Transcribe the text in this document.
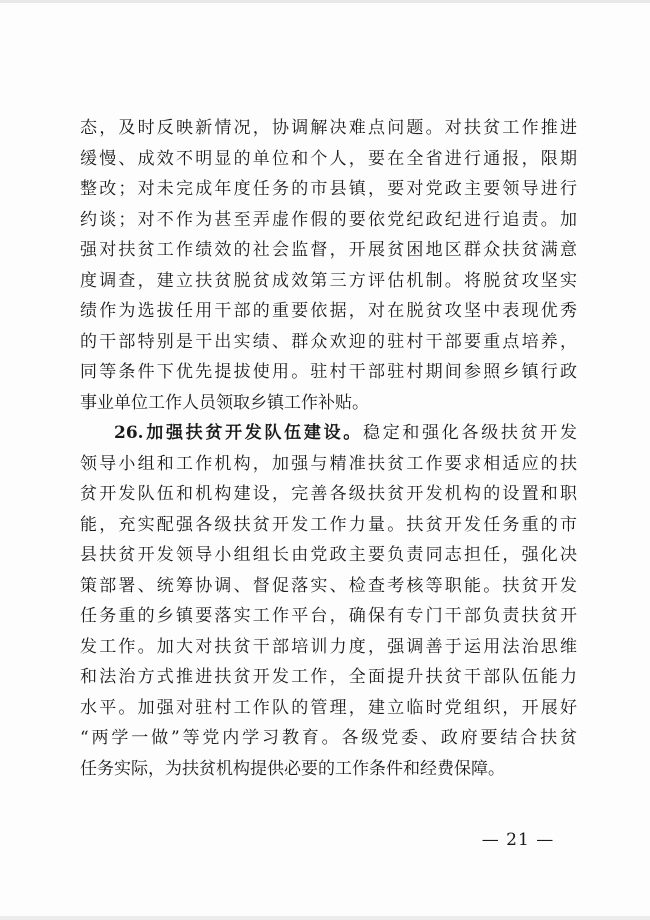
态，及时反映新情况，协调解决难点问题。对扶贫工作推进
缓慢、成效不明显的单位和个人，要在全省进行通报，限期
整改；对未完成年度任务的市县镇，要对党政主要领导进行
约谈；对不作为甚至弄虚作假的要依党纪政纪进行追责。加
强对扶贫工作绩效的社会监督，开展贫困地区群众扶贫满意
度调查，建立扶贫脱贫成效第三方评估机制。将脱贫攻坚实
绩作为选拔任用干部的重要依据，对在脱贫攻坚中表现优秀
的干部特别是干出实绩、群众欢迎的驻村干部要重点培养，
同等条件下优先提拔使用。驻村干部驻村期间参照乡镇行政
事业单位工作人员领取乡镇工作补贴。
26.加强扶贫开发队伍建设。稳定和强化各级扶贫开发
领导小组和工作机构，加强与精准扶贫工作要求相适应的扶
贫开发队伍和机构建设，完善各级扶贫开发机构的设置和职
能，充实配强各级扶贫开发工作力量。扶贫开发任务重的市
县扶贫开发领导小组组长由党政主要负责同志担任，强化决
策部署、统筹协调、督促落实、检查考核等职能。扶贫开发
任务重的乡镇要落实工作平台，确保有专门干部负责扶贫开
发工作。加大对扶贫干部培训力度，强调善于运用法治思维
和法治方式推进扶贫开发工作，全面提升扶贫干部队伍能力
水平。加强对驻村工作队的管理，建立临时党组织，开展好
“两学一做”等党内学习教育。各级党委、政府要结合扶贫
任务实际，为扶贫机构提供必要的工作条件和经费保障。
— 21 —
